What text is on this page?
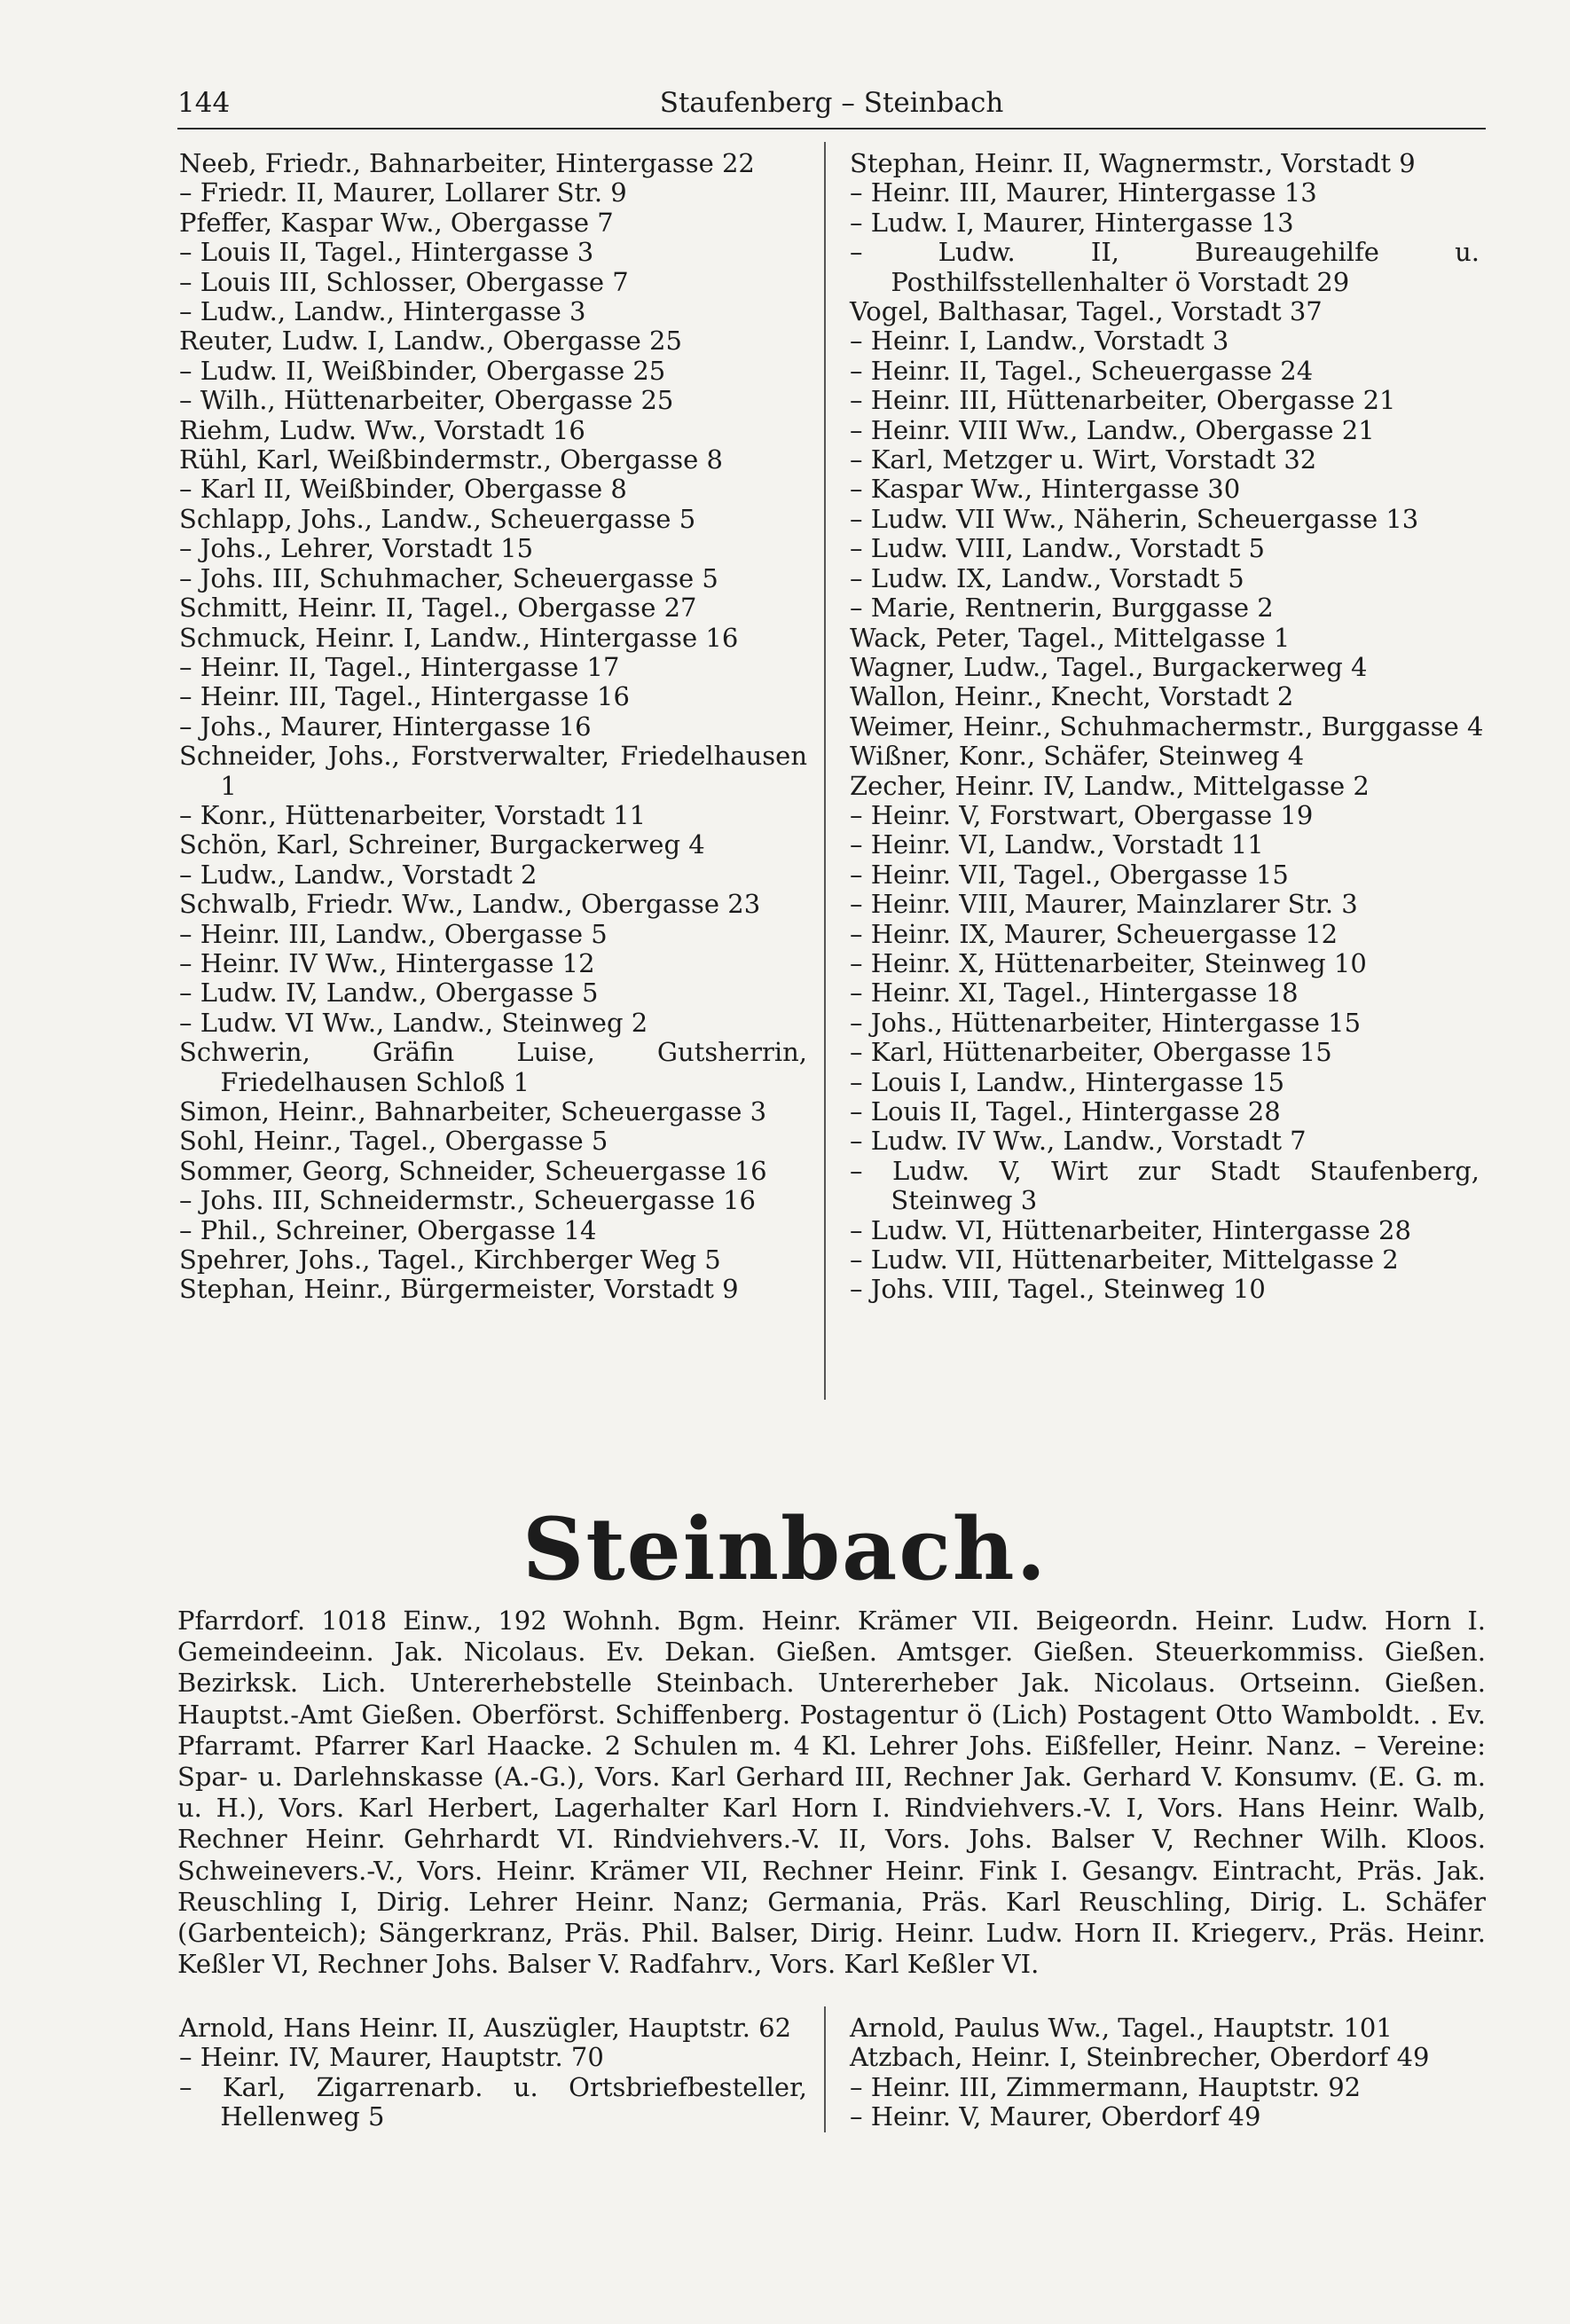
144	Staufenberg – Steinbach
Neeb, Friedr., Bahnarbeiter, Hintergasse 22
– Friedr. II, Maurer, Lollarer Str. 9
Pfeffer, Kaspar Ww., Obergasse 7
– Louis II, Tagel., Hintergasse 3
– Louis III, Schlosser, Obergasse 7
– Ludw., Landw., Hintergasse 3
Reuter, Ludw. I, Landw., Obergasse 25
– Ludw. II, Weißbinder, Obergasse 25
– Wilh., Hüttenarbeiter, Obergasse 25
Riehm, Ludw. Ww., Vorstadt 16
Rühl, Karl, Weißbindermstr., Obergasse 8
– Karl II, Weißbinder, Obergasse 8
Schlapp, Johs., Landw., Scheuergasse 5
– Johs., Lehrer, Vorstadt 15
– Johs. III, Schuhmacher, Scheuergasse 5
Schmitt, Heinr. II, Tagel., Obergasse 27
Schmuck, Heinr. I, Landw., Hintergasse 16
– Heinr. II, Tagel., Hintergasse 17
– Heinr. III, Tagel., Hintergasse 16
– Johs., Maurer, Hintergasse 16
Schneider, Johs., Forstverwalter, Friedelhausen 1
– Konr., Hüttenarbeiter, Vorstadt 11
Schön, Karl, Schreiner, Burgackerweg 4
– Ludw., Landw., Vorstadt 2
Schwalb, Friedr. Ww., Landw., Obergasse 23
– Heinr. III, Landw., Obergasse 5
– Heinr. IV Ww., Hintergasse 12
– Ludw. IV, Landw., Obergasse 5
– Ludw. VI Ww., Landw., Steinweg 2
Schwerin, Gräfin Luise, Gutsherrin, Friedelhausen Schloß 1
Simon, Heinr., Bahnarbeiter, Scheuergasse 3
Sohl, Heinr., Tagel., Obergasse 5
Sommer, Georg, Schneider, Scheuergasse 16
– Johs. III, Schneidermstr., Scheuergasse 16
– Phil., Schreiner, Obergasse 14
Spehrer, Johs., Tagel., Kirchberger Weg 5
Stephan, Heinr., Bürgermeister, Vorstadt 9
Stephan, Heinr. II, Wagnermstr., Vorstadt 9
– Heinr. III, Maurer, Hintergasse 13
– Ludw. I, Maurer, Hintergasse 13
– Ludw. II, Bureaugehilfe u. Posthilfsstellenhalter ö Vorstadt 29
Vogel, Balthasar, Tagel., Vorstadt 37
– Heinr. I, Landw., Vorstadt 3
– Heinr. II, Tagel., Scheuergasse 24
– Heinr. III, Hüttenarbeiter, Obergasse 21
– Heinr. VIII Ww., Landw., Obergasse 21
– Karl, Metzger u. Wirt, Vorstadt 32
– Kaspar Ww., Hintergasse 30
– Ludw. VII Ww., Näherin, Scheuergasse 13
– Ludw. VIII, Landw., Vorstadt 5
– Ludw. IX, Landw., Vorstadt 5
– Marie, Rentnerin, Burggasse 2
Wack, Peter, Tagel., Mittelgasse 1
Wagner, Ludw., Tagel., Burgackerweg 4
Wallon, Heinr., Knecht, Vorstadt 2
Weimer, Heinr., Schuhmachermstr., Burggasse 4
Wißner, Konr., Schäfer, Steinweg 4
Zecher, Heinr. IV, Landw., Mittelgasse 2
– Heinr. V, Forstwart, Obergasse 19
– Heinr. VI, Landw., Vorstadt 11
– Heinr. VII, Tagel., Obergasse 15
– Heinr. VIII, Maurer, Mainzlarer Str. 3
– Heinr. IX, Maurer, Scheuergasse 12
– Heinr. X, Hüttenarbeiter, Steinweg 10
– Heinr. XI, Tagel., Hintergasse 18
– Johs., Hüttenarbeiter, Hintergasse 15
– Karl, Hüttenarbeiter, Obergasse 15
– Louis I, Landw., Hintergasse 15
– Louis II, Tagel., Hintergasse 28
– Ludw. IV Ww., Landw., Vorstadt 7
– Ludw. V, Wirt zur Stadt Staufenberg, Steinweg 3
– Ludw. VI, Hüttenarbeiter, Hintergasse 28
– Ludw. VII, Hüttenarbeiter, Mittelgasse 2
– Johs. VIII, Tagel., Steinweg 10
Steinbach.
Pfarrdorf. 1018 Einw., 192 Wohnh. Bgm. Heinr. Krämer VII. Beigeordn. Heinr. Ludw. Horn I. Gemeindeeinn. Jak. Nicolaus. Ev. Dekan. Gießen. Amtsger. Gießen. Steuerkommiss. Gießen. Bezirksk. Lich. Untererhebstelle Steinbach. Untererheber Jak. Nicolaus. Ortseinn. Gießen. Hauptst.-Amt Gießen. Oberförst. Schiffenberg. Postagentur ö (Lich) Postagent Otto Wamboldt. . Ev. Pfarramt. Pfarrer Karl Haacke. 2 Schulen m. 4 Kl. Lehrer Johs. Eißfeller, Heinr. Nanz. – Vereine: Spar- u. Darlehnskasse (A.-G.), Vors. Karl Gerhard III, Rechner Jak. Gerhard V. Konsumv. (E. G. m. u. H.), Vors. Karl Herbert, Lagerhalter Karl Horn I. Rindviehvers.-V. I, Vors. Hans Heinr. Walb, Rechner Heinr. Gehrhardt VI. Rindviehvers.-V. II, Vors. Johs. Balser V, Rechner Wilh. Kloos. Schweinevers.-V., Vors. Heinr. Krämer VII, Rechner Heinr. Fink I. Gesangv. Eintracht, Präs. Jak. Reuschling I, Dirig. Lehrer Heinr. Nanz; Germania, Präs. Karl Reuschling, Dirig. L. Schäfer (Garbenteich); Sängerkranz, Präs. Phil. Balser, Dirig. Heinr. Ludw. Horn II. Kriegerv., Präs. Heinr. Keßler VI, Rechner Johs. Balser V. Radfahrv., Vors. Karl Keßler VI.
Arnold, Hans Heinr. II, Auszügler, Hauptstr. 62
– Heinr. IV, Maurer, Hauptstr. 70
– Karl, Zigarrenarb. u. Ortsbriefbesteller, Hellenweg 5
Arnold, Paulus Ww., Tagel., Hauptstr. 101
Atzbach, Heinr. I, Steinbrecher, Oberdorf 49
– Heinr. III, Zimmermann, Hauptstr. 92
– Heinr. V, Maurer, Oberdorf 49
